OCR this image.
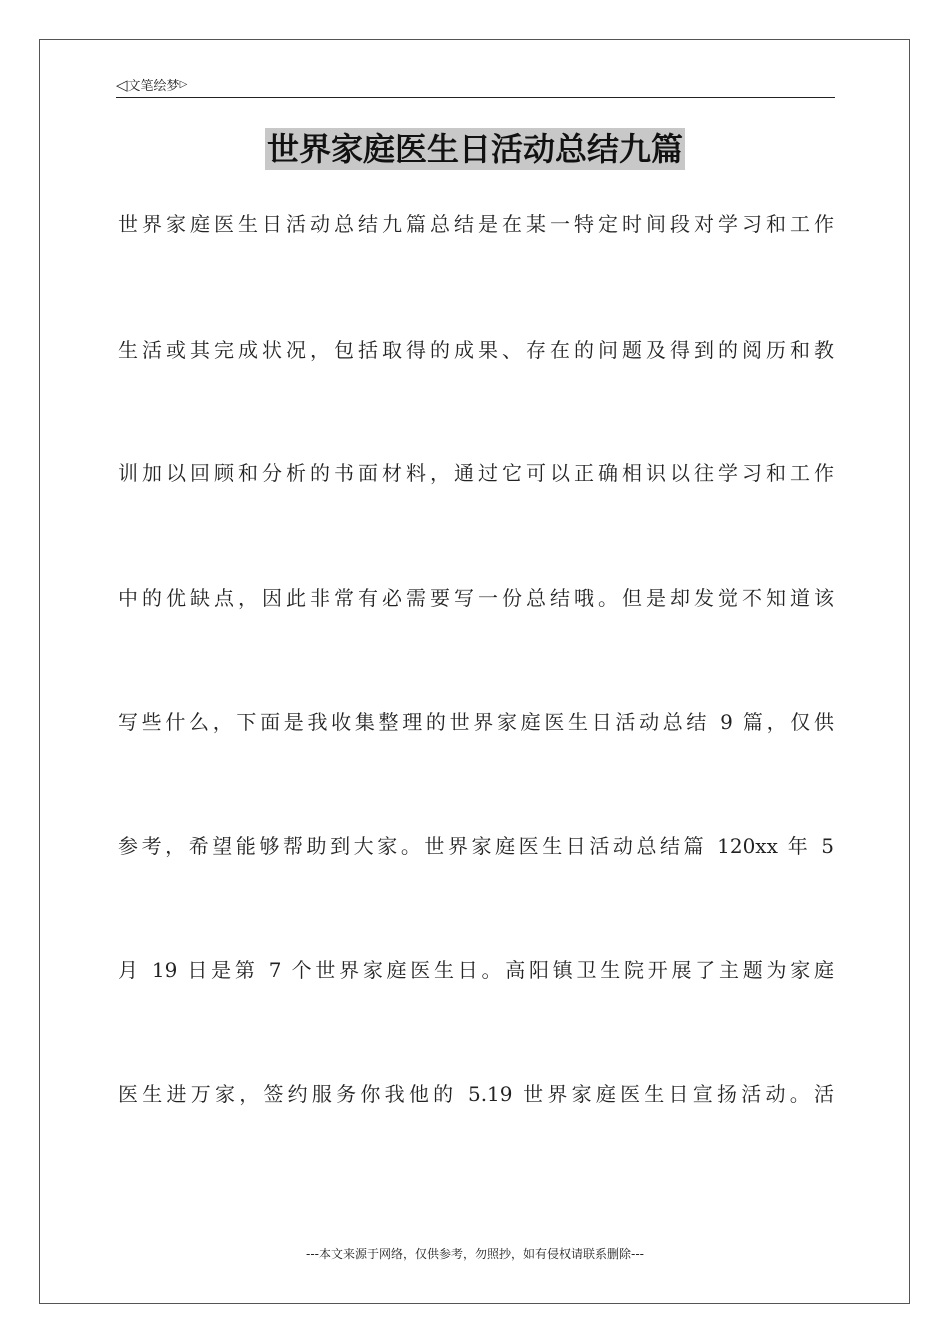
◁文笔绘梦▷
世界家庭医生日活动总结九篇
世界家庭医生日活动总结九篇总结是在某一特定时间段对学习和工作
生活或其完成状况，包括取得的成果、存在的问题及得到的阅历和教
训加以回顾和分析的书面材料，通过它可以正确相识以往学习和工作
中的优缺点，因此非常有必需要写一份总结哦。但是却发觉不知道该
写些什么，下面是我收集整理的世界家庭医生日活动总结 9 篇，仅供
参考，希望能够帮助到大家。世界家庭医生日活动总结篇 120xx 年 5
月 19 日是第 7 个世界家庭医生日。高阳镇卫生院开展了主题为家庭
医生进万家，签约服务你我他的 5.19 世界家庭医生日宣扬活动。活
---本文来源于网络，仅供参考，勿照抄，如有侵权请联系删除---
